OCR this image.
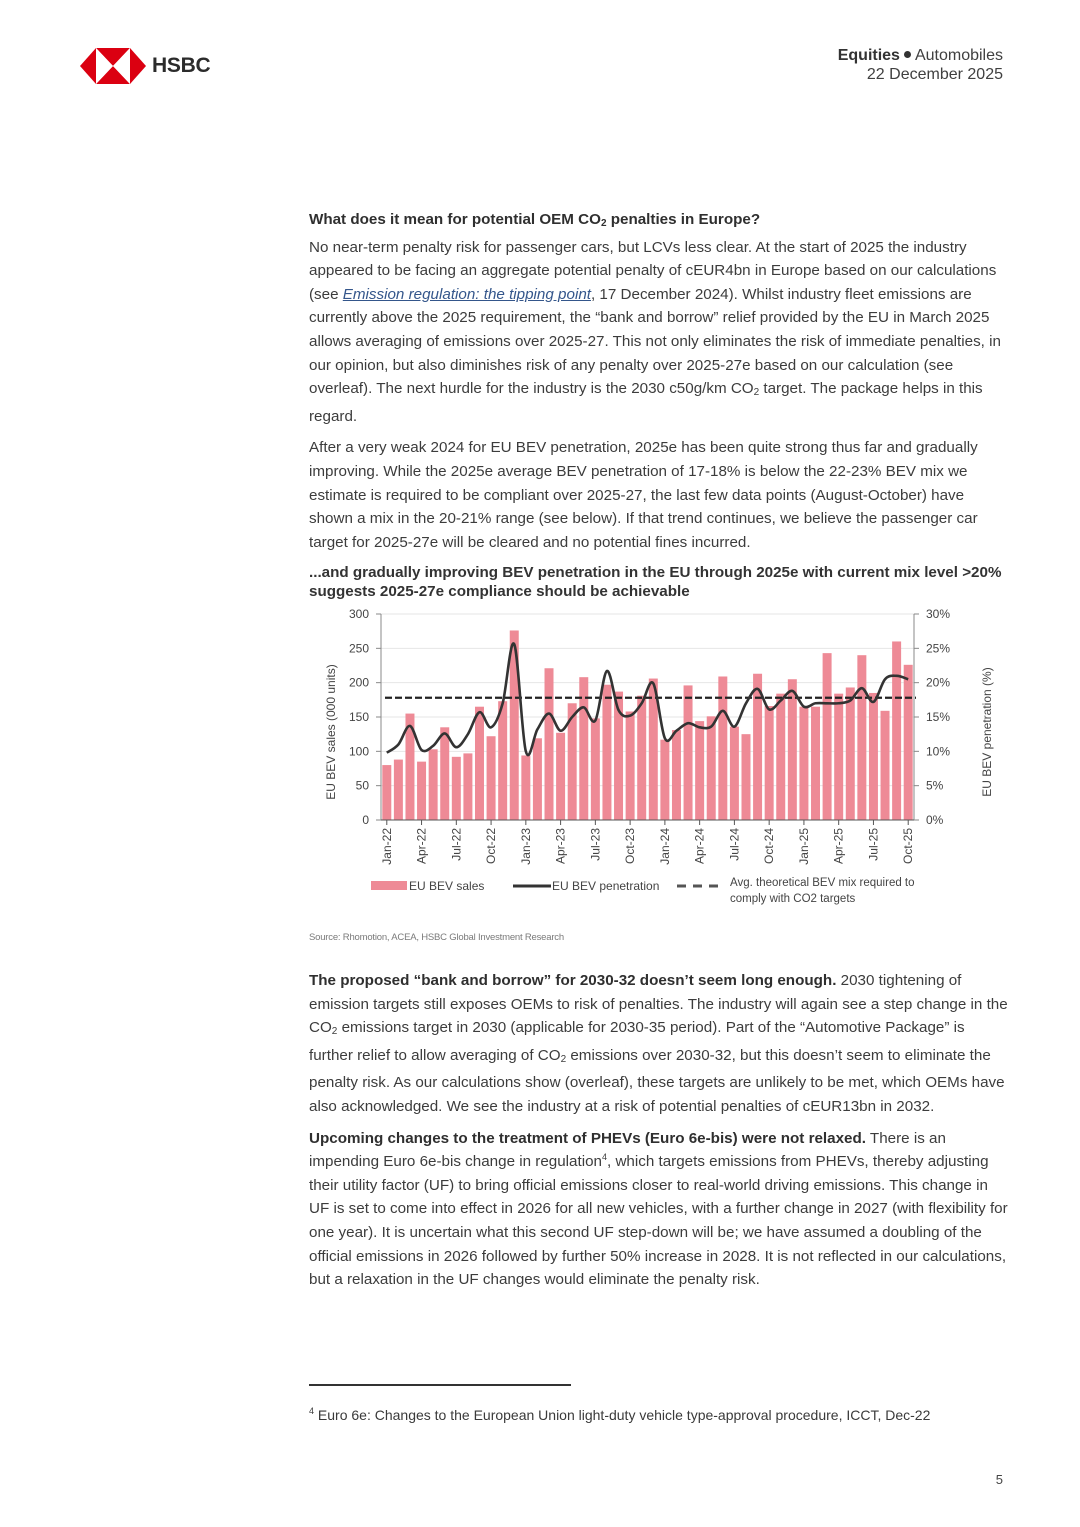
HSBC	Equities Automobiles
22 December 2025

What does it mean for potential OEM $CO_2$ penalties in Europe?

No near-term penalty risk for passenger cars, but LCVs less clear. At the start of 2025 the industry appeared to be facing an aggregate potential penalty of cEUR4bn in Europe based on our calculations (see Emission regulation: the tipping point, 17 December 2024). Whilst industry fleet emissions are currently above the 2025 requirement, the “bank and borrow” relief provided by the EU in March 2025 allows averaging of emissions over 2025-27. This not only eliminates the risk of immediate penalties, in our opinion, but also diminishes risk of any penalty over 2025-27e based on our calculation (see overleaf). The next hurdle for the industry is the 2030 c50g/km $CO_2$ target. The package helps in this regard.

After a very weak 2024 for EU BEV penetration, 2025e has been quite strong thus far and gradually improving. While the 2025e average BEV penetration of 17-18% is below the 22-23% BEV mix we estimate is required to be compliant over 2025-27, the last few data points (August-October) have shown a mix in the 20-21% range (see below). If that trend continues, we believe the passenger car target for 2025-27e will be cleared and no potential fines incurred.

...and gradually improving BEV penetration in the EU through 2025e with current mix level >20% suggests 2025-27e compliance should be achievable
0
50
100
150
200
250
300
0%
5%
10%
15%
20%
25%
30%
Jan-22 Apr-22 Jul-22 Oct-22 Jan-23 Apr-23 Jul-23 Oct-23 Jan-24 Apr-24 Jul-24 Oct-24 Jan-25 Apr-25 Jul-25 Oct-25
EU BEV sales (000 units)	EU BEV penetration (%)
EU BEV sales	EU BEV penetration	Avg. theoretical BEV mix required to
comply with CO2 targets
Source: Rhomotion, ACEA, HSBC Global Investment Research

The proposed “bank and borrow” for 2030-32 doesn’t seem long enough. 2030 tightening of emission targets still exposes OEMs to risk of penalties. The industry will again see a step change in the $CO_2$ emissions target in 2030 (applicable for 2030-35 period). Part of the “Automotive Package” is further relief to allow averaging of $CO_2$ emissions over 2030-32, but this doesn’t seem to eliminate the penalty risk. As our calculations show (overleaf), these targets are unlikely to be met, which OEMs have also acknowledged. We see the industry at a risk of potential penalties of cEUR13bn in 2032.

Upcoming changes to the treatment of PHEVs (Euro 6e-bis) were not relaxed. There is an impending Euro 6e-bis change in regulation$^4$, which targets emissions from PHEVs, thereby adjusting their utility factor (UF) to bring official emissions closer to real-world driving emissions. This change in UF is set to come into effect in 2026 for all new vehicles, with a further change in 2027 (with flexibility for one year). It is uncertain what this second UF step-down will be; we have assumed a doubling of the official emissions in 2026 followed by further 50% increase in 2028. It is not reflected in our calculations, but a relaxation in the UF changes would eliminate the penalty risk.

$^4$ Euro 6e: Changes to the European Union light-duty vehicle type-approval procedure, ICCT, Dec-22
5
